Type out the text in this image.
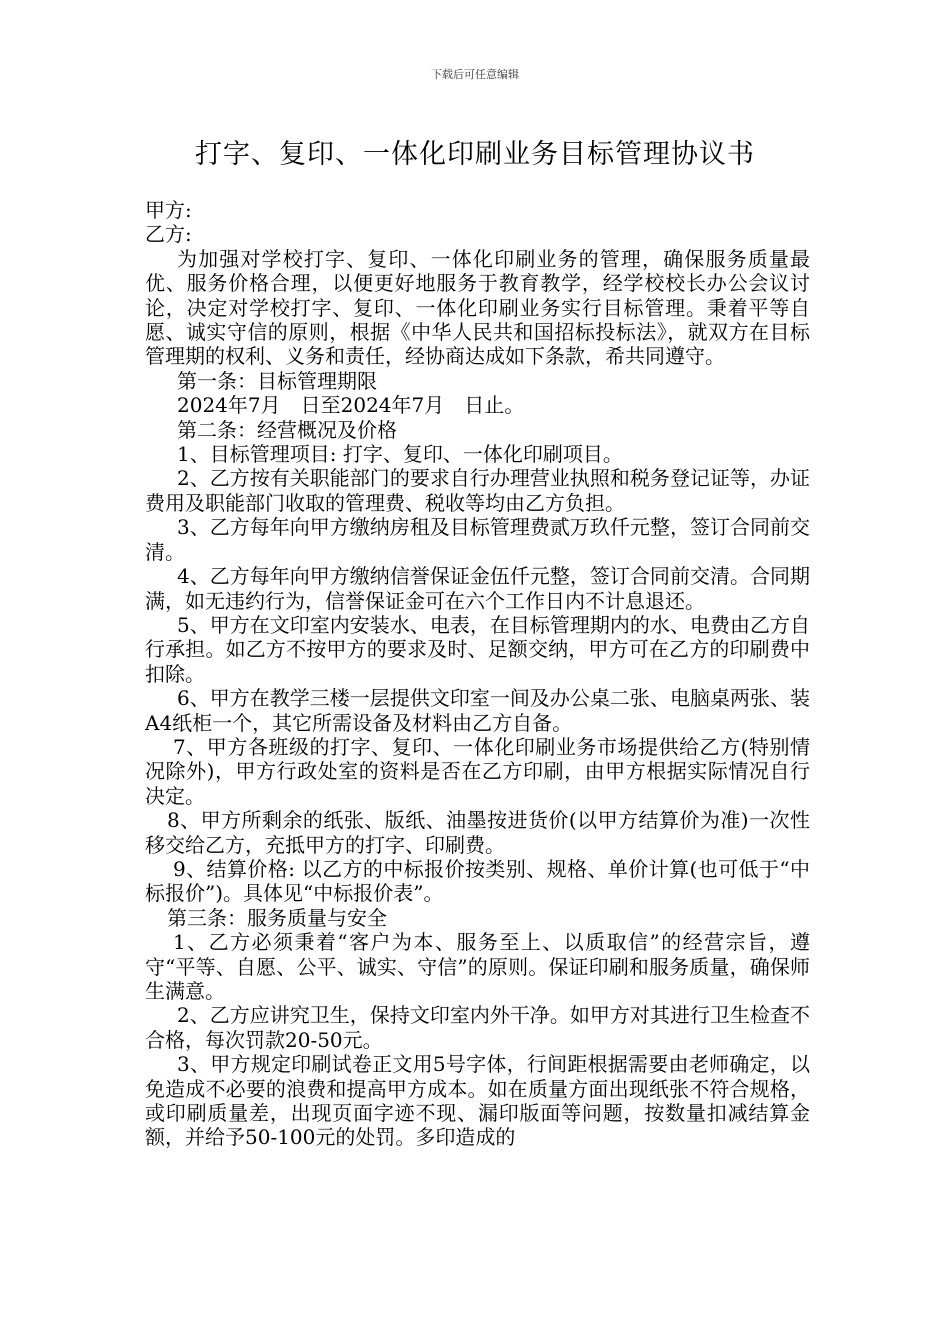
下载后可任意编辑
打字、复印、一体化印刷业务目标管理协议书

甲方:

乙方:

为加强对学校打字、复印、一体化印刷业务的管理，确保服务质量最优、服务价格合理，以便更好地服务于教育教学，经学校校长办公会议讨论，决定对学校打字、复印、一体化印刷业务实行目标管理。秉着平等自愿、诚实守信的原则，根据《中华人民共和国招标投标法》，就双方在目标管理期的权利、义务和责任，经协商达成如下条款，希共同遵守。

第一条：目标管理期限

2024年7月　日至2024年7月　日止。

第二条：经营概况及价格

1、目标管理项目: 打字、复印、一体化印刷项目。

2、乙方按有关职能部门的要求自行办理营业执照和税务登记证等，办证费用及职能部门收取的管理费、税收等均由乙方负担。

3、乙方每年向甲方缴纳房租及目标管理费贰万玖仟元整，签订合同前交清。

4、乙方每年向甲方缴纳信誉保证金伍仟元整，签订合同前交清。合同期满，如无违约行为，信誉保证金可在六个工作日内不计息退还。

5、甲方在文印室内安装水、电表，在目标管理期内的水、电费由乙方自行承担。如乙方不按甲方的要求及时、足额交纳，甲方可在乙方的印刷费中扣除。

6、甲方在教学三楼一层提供文印室一间及办公桌二张、电脑桌两张、装A4纸柜一个，其它所需设备及材料由乙方自备。

7、甲方各班级的打字、复印、一体化印刷业务市场提供给乙方(特别情况除外)，甲方行政处室的资料是否在乙方印刷，由甲方根据实际情况自行决定。

8、甲方所剩余的纸张、版纸、油墨按进货价(以甲方结算价为准)一次性移交给乙方，充抵甲方的打字、印刷费。

9、结算价格: 以乙方的中标报价按类别、规格、单价计算(也可低于“中标报价”)。具体见“中标报价表”。

第三条：服务质量与安全

1、乙方必须秉着“客户为本、服务至上、以质取信”的经营宗旨，遵守“平等、自愿、公平、诚实、守信”的原则。保证印刷和服务质量，确保师生满意。

2、乙方应讲究卫生，保持文印室内外干净。如甲方对其进行卫生检查不合格，每次罚款20-50元。

3、甲方规定印刷试卷正文用5号字体，行间距根据需要由老师确定，以免造成不必要的浪费和提高甲方成本。如在质量方面出现纸张不符合规格，或印刷质量差，出现页面字迹不现、漏印版面等问题，按数量扣减结算金额，并给予50-100元的处罚。多印造成的
